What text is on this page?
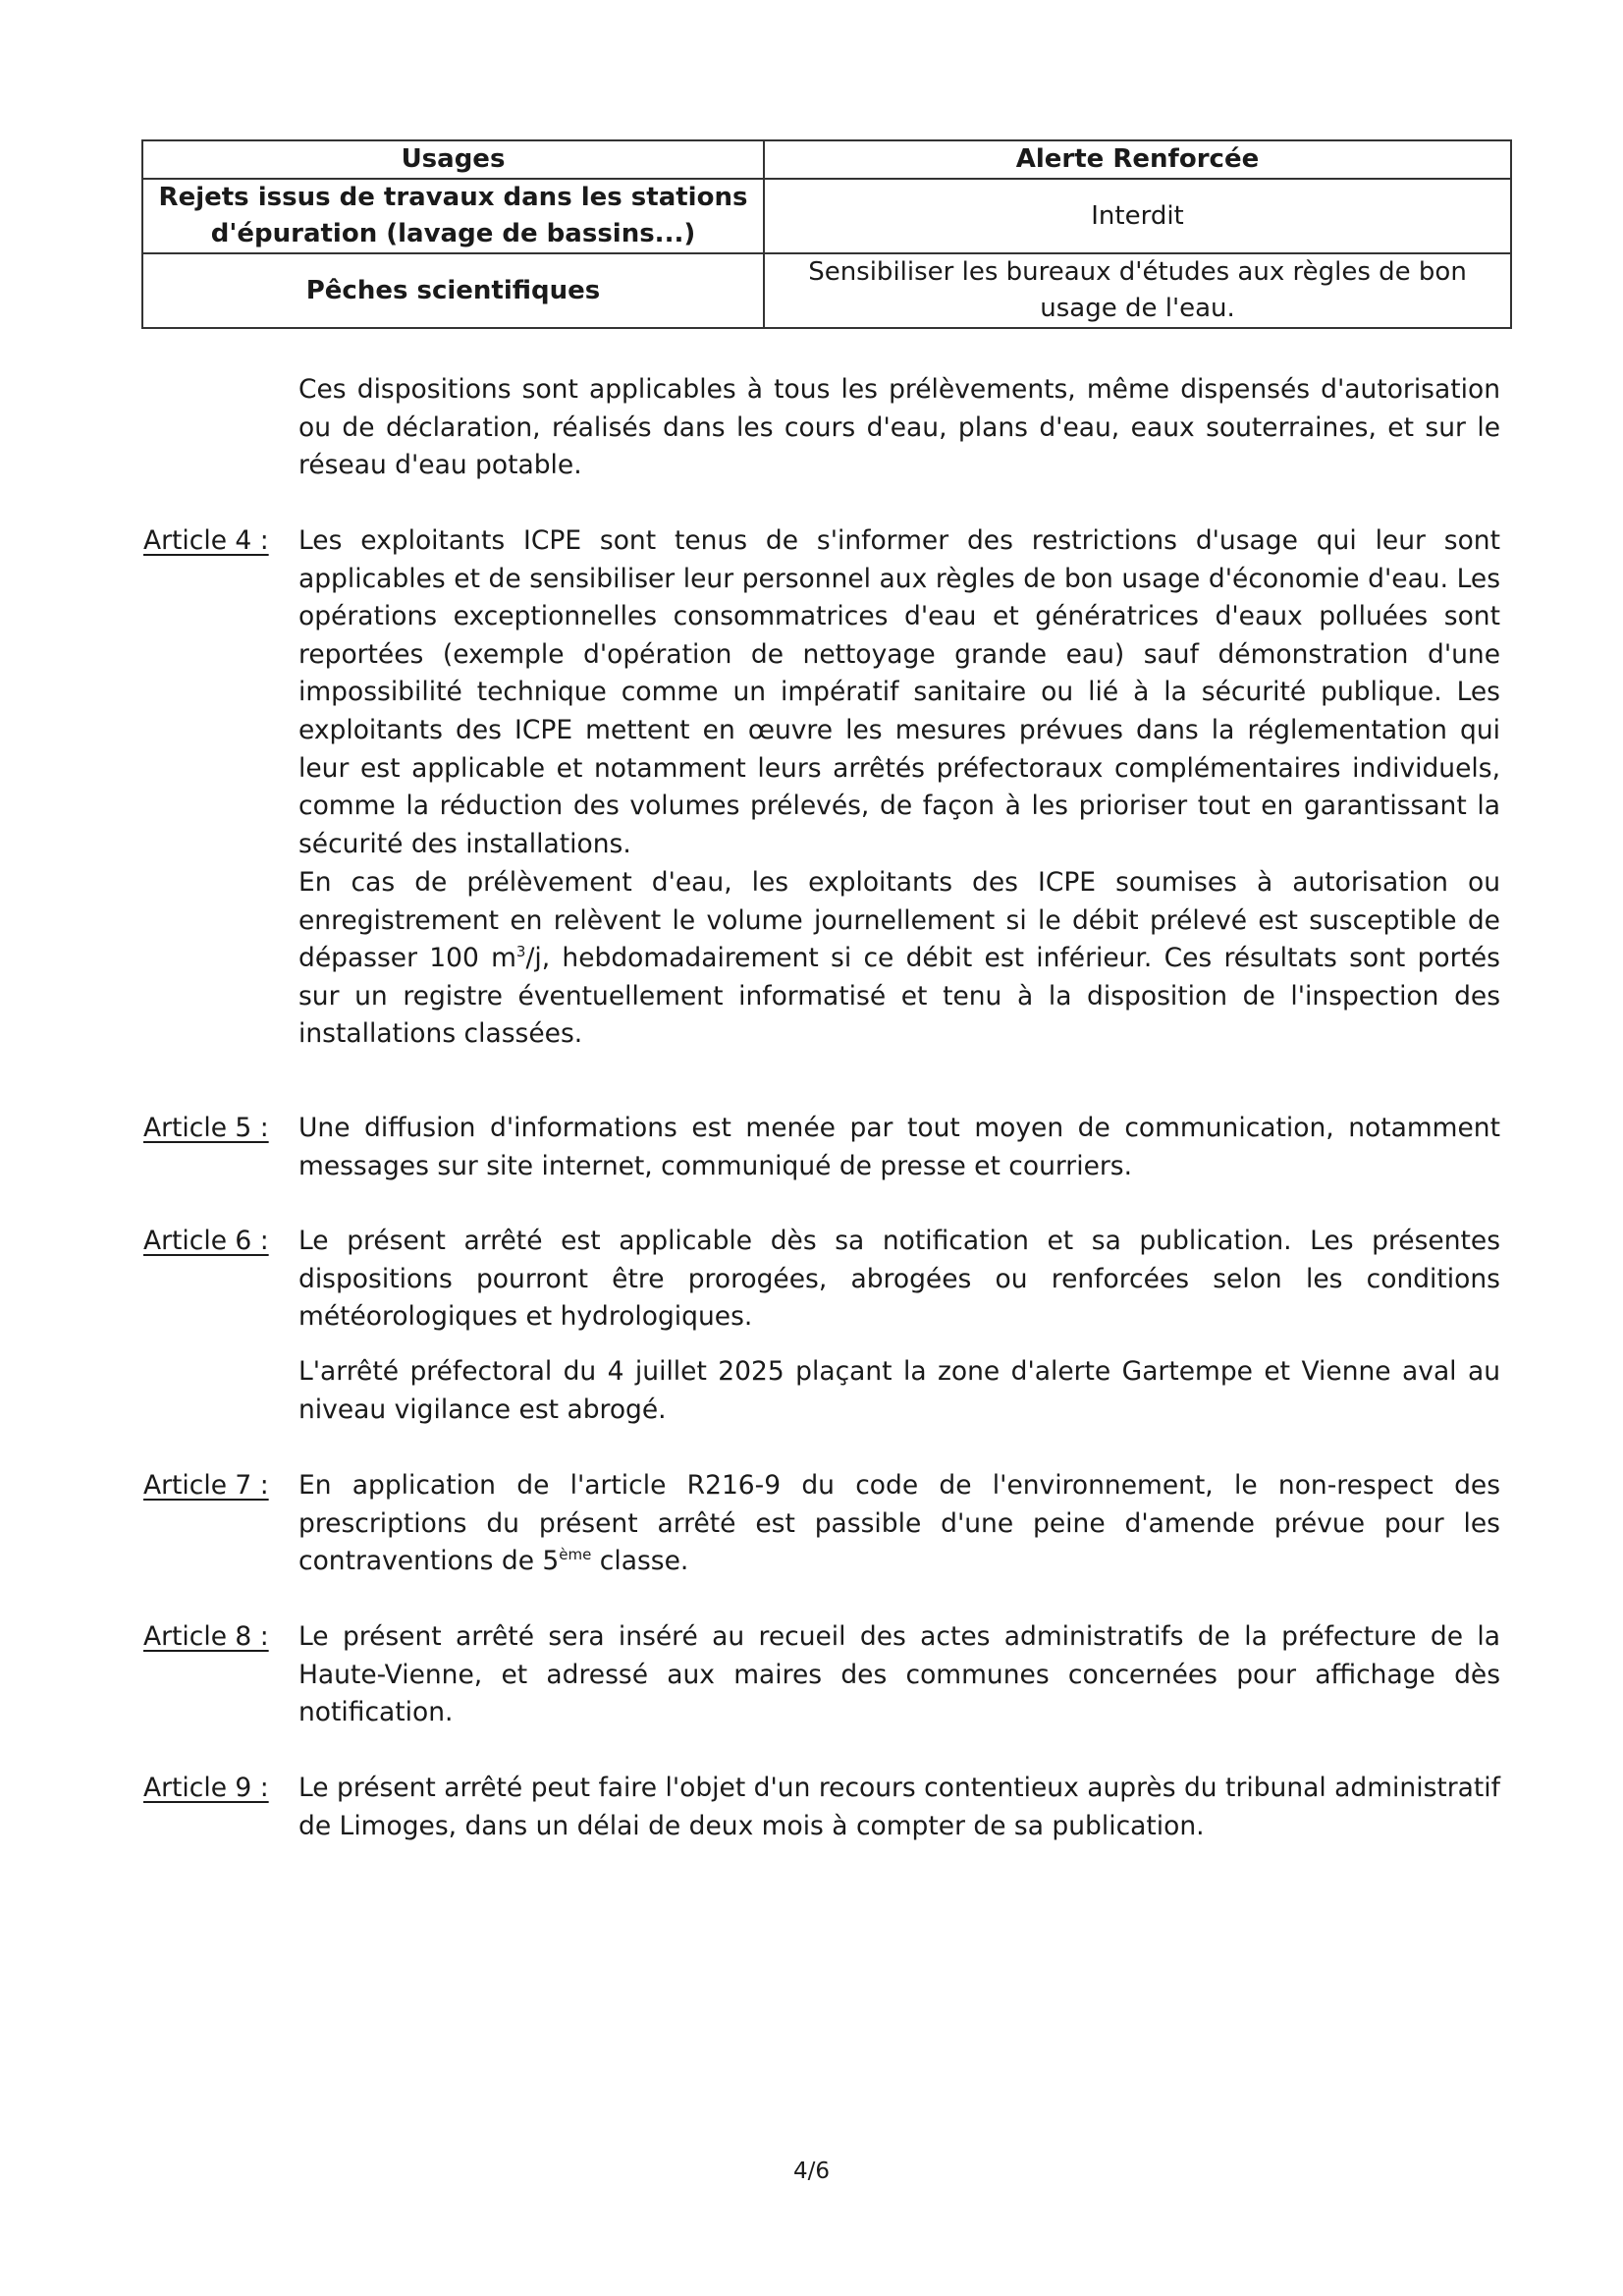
Usages	Alerte Renforcée
Rejets issus de travaux dans les stations d'épuration (lavage de bassins...)	Interdit
Pêches scientifiques	Sensibiliser les bureaux d'études aux règles de bon usage de l'eau.
Ces dispositions sont applicables à tous les prélèvements, même dispensés d'autorisation ou de déclaration, réalisés dans les cours d'eau, plans d'eau, eaux souterraines, et sur le réseau d'eau potable.
Article 4 : Les exploitants ICPE sont tenus de s'informer des restrictions d'usage qui leur sont applicables et de sensibiliser leur personnel aux règles de bon usage d'économie d'eau. Les opérations exceptionnelles consommatrices d'eau et génératrices d'eaux polluées sont reportées (exemple d'opération de nettoyage grande eau) sauf démonstration d'une impossibilité technique comme un impératif sanitaire ou lié à la sécurité publique. Les exploitants des ICPE mettent en œuvre les mesures prévues dans la réglementation qui leur est applicable et notamment leurs arrêtés préfectoraux complémentaires individuels, comme la réduction des volumes prélevés, de façon à les prioriser tout en garantissant la sécurité des installations.
En cas de prélèvement d'eau, les exploitants des ICPE soumises à autorisation ou enregistrement en relèvent le volume journellement si le débit prélevé est susceptible de dépasser 100 $m^3/j$, hebdomadairement si ce débit est inférieur. Ces résultats sont portés sur un registre éventuellement informatisé et tenu à la disposition de l'inspection des installations classées.
Article 5 : Une diffusion d'informations est menée par tout moyen de communication, notamment messages sur site internet, communiqué de presse et courriers.
Article 6 : Le présent arrêté est applicable dès sa notification et sa publication. Les présentes dispositions pourront être prorogées, abrogées ou renforcées selon les conditions météorologiques et hydrologiques.
L'arrêté préfectoral du 4 juillet 2025 plaçant la zone d'alerte Gartempe et Vienne aval au niveau vigilance est abrogé.
Article 7 : En application de l'article R216-9 du code de l'environnement, le non-respect des prescriptions du présent arrêté est passible d'une peine d'amende prévue pour les contraventions de 5ème classe.
Article 8 : Le présent arrêté sera inséré au recueil des actes administratifs de la préfecture de la Haute-Vienne, et adressé aux maires des communes concernées pour affichage dès notification.
Article 9 : Le présent arrêté peut faire l'objet d'un recours contentieux auprès du tribunal administratif de Limoges, dans un délai de deux mois à compter de sa publication.
4/6
